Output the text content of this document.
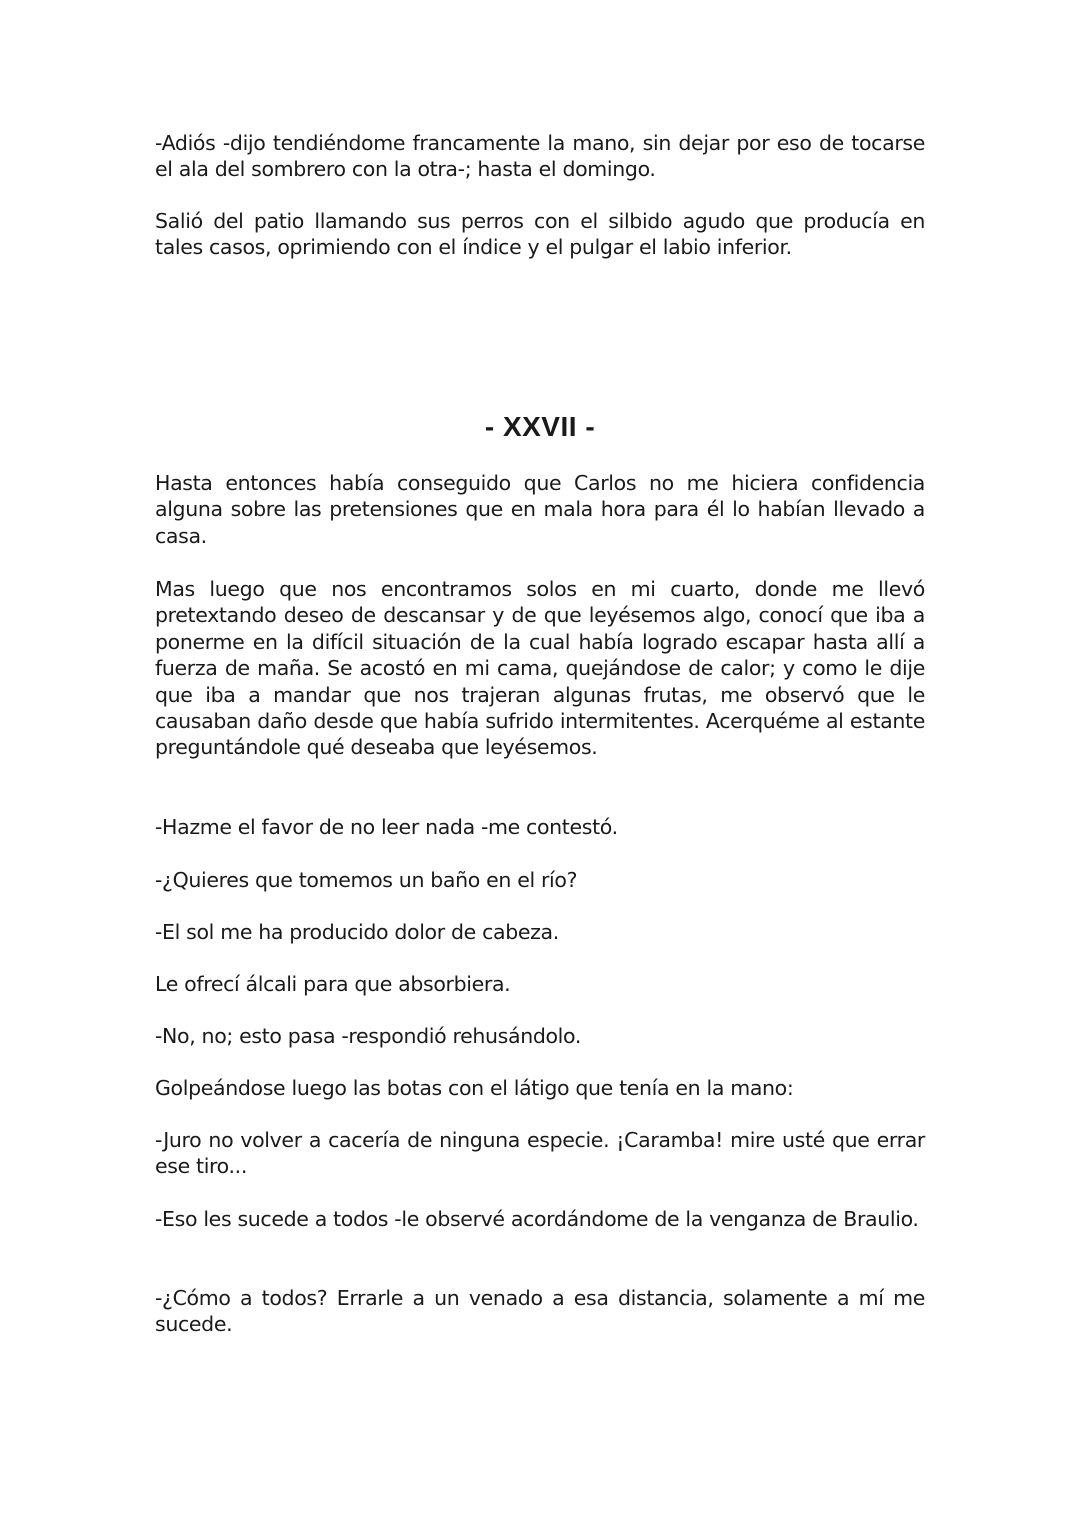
-Adiós -dijo tendiéndome francamente la mano, sin dejar por eso de tocarse el ala del sombrero con la otra-; hasta el domingo.

Salió del patio llamando sus perros con el silbido agudo que producía en tales casos, oprimiendo con el índice y el pulgar el labio inferior.

- XXVII -

Hasta entonces había conseguido que Carlos no me hiciera confidencia alguna sobre las pretensiones que en mala hora para él lo habían llevado a casa.

Mas luego que nos encontramos solos en mi cuarto, donde me llevó pretextando deseo de descansar y de que leyésemos algo, conocí que iba a ponerme en la difícil situación de la cual había logrado escapar hasta allí a fuerza de maña. Se acostó en mi cama, quejándose de calor; y como le dije que iba a mandar que nos trajeran algunas frutas, me observó que le causaban daño desde que había sufrido intermitentes. Acerquéme al estante preguntándole qué deseaba que leyésemos.

-Hazme el favor de no leer nada -me contestó.

-¿Quieres que tomemos un baño en el río?

-El sol me ha producido dolor de cabeza.

Le ofrecí álcali para que absorbiera.

-No, no; esto pasa -respondió rehusándolo.

Golpeándose luego las botas con el látigo que tenía en la mano:

-Juro no volver a cacería de ninguna especie. ¡Caramba! mire usté que errar ese tiro...

-Eso les sucede a todos -le observé acordándome de la venganza de Braulio.

-¿Cómo a todos? Errarle a un venado a esa distancia, solamente a mí me sucede.
